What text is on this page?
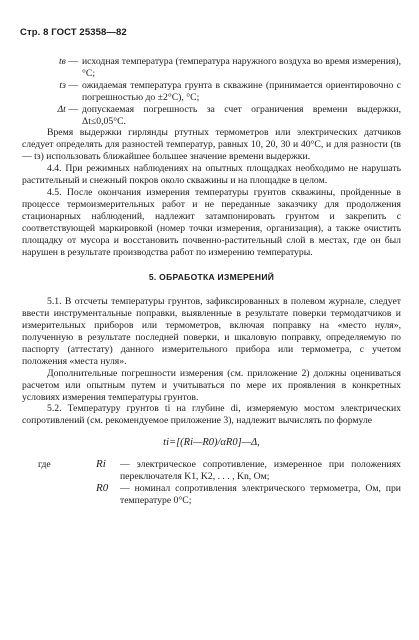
Стр. 8 ГОСТ 25358—82
tв — исходная температура (температура наружного воздуха во время измерения), °С;
tз — ожидаемая температура грунта в скважине (принимается ориентировочно с погрешностью до ±2°С), °С;
Δt — допускаемая погрешность за счет ограничения времени выдержки, Δt≤0,05°С.

Время выдержки гирлянды ртутных термометров или электрических датчиков следует определять для разностей температур, равных 10, 20, 30 и 40°С, и для разности (tв — tз) использовать ближайшее большее значение времени выдержки.

4.4. При режимных наблюдениях на опытных площадках необходимо не нарушать растительный и снежный покров около скважины и на площадке в целом.

4.5. После окончания измерения температуры грунтов скважины, пройденные в процессе термоизмерительных работ и не переданные заказчику для продолжения стационарных наблюдений, надлежит затампонировать грунтом и закрепить с соответствующей маркировкой (номер точки измерения, организация), а также очистить площадку от мусора и восстановить почвенно-растительный слой в местах, где он был нарушен в результате производства работ по измерению температуры.

5. ОБРАБОТКА ИЗМЕРЕНИЙ

5.1. В отсчеты температуры грунтов, зафиксированных в полевом журнале, следует ввести инструментальные поправки, выявленные в результате поверки термодатчиков и измерительных приборов или термометров, включая поправку на «место нуля», полученную в результате последней поверки, и шкаловую поправку, определяемую по паспорту (аттестату) данного измерительного прибора или термометра, с учетом положения «места нуля».

Дополнительные погрешности измерения (см. приложение 2) должны оцениваться расчетом или опытным путем и учитываться по мере их проявления в конкретных условиях измерения температуры грунтов.

5.2. Температуру грунтов ti на глубине di, измеряемую мостом электрических сопротивлений (см. рекомендуемое приложение 3), надлежит вычислять по формуле

ti=[(Ri—R0)/αR0]—Δ,
где	Ri	— электрическое сопротивление, измеренное при положениях переключателя K1, K2, . . . , Kn, Ом;
R0	— номинал сопротивления электрического термометра, Ом, при температуре 0°С;
